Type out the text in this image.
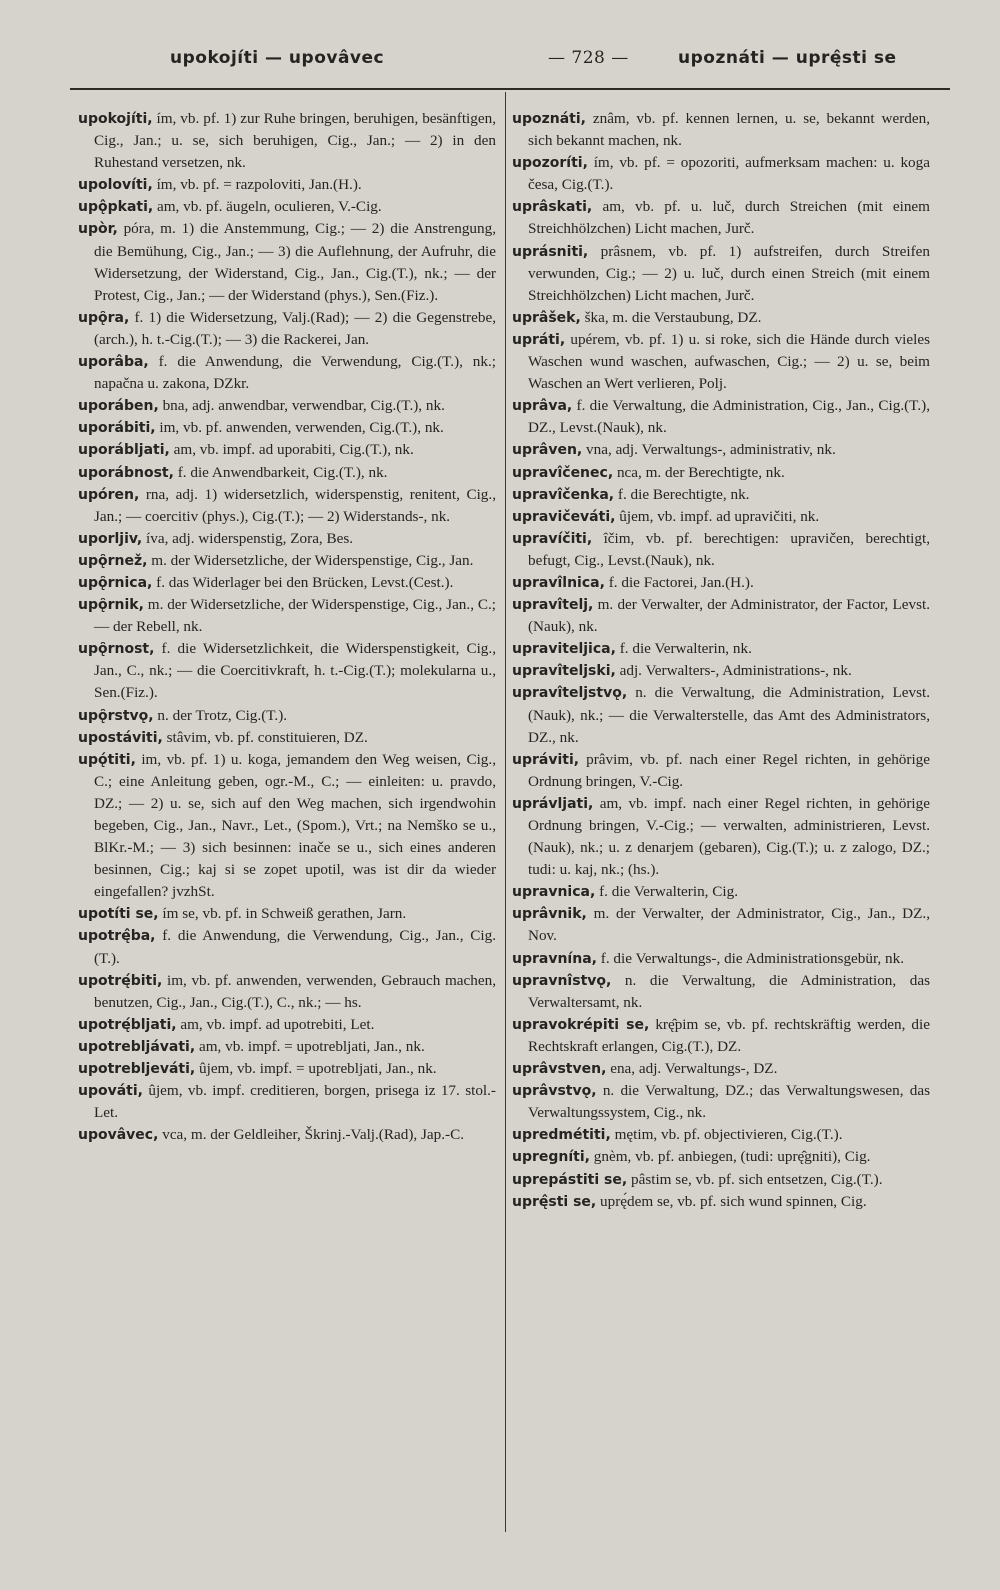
upokojíti — upovâvec	— 728 —	upoznáti — uprę̂sti se

upokojíti, ím, vb. pf. 1) zur Ruhe bringen, beruhigen, besänftigen, Cig., Jan.; u. se, sich beruhigen, Cig., Jan.; — 2) in den Ruhestand versetzen, nk.

upolovíti, ím, vb. pf. = razpoloviti, Jan.(H.).

upǫ̂pkati, am, vb. pf. äugeln, oculieren, V.-Cig.

upòr, póra, m. 1) die Anstemmung, Cig.; — 2) die Anstrengung, die Bemühung, Cig., Jan.; — 3) die Auflehnung, der Aufruhr, die Widersetzung, der Widerstand, Cig., Jan., Cig.(T.), nk.; — der Protest, Cig., Jan.; — der Widerstand (phys.), Sen.(Fiz.).

upǫ̑ra, f. 1) die Widersetzung, Valj.(Rad); — 2) die Gegenstrebe, (arch.), h. t.-Cig.(T.); — 3) die Rackerei, Jan.

uporâba, f. die Anwendung, die Verwendung, Cig.(T.), nk.; napačna u. zakona, DZkr.

uporáben, bna, adj. anwendbar, verwendbar, Cig.(T.), nk.

uporábiti, im, vb. pf. anwenden, verwenden, Cig.(T.), nk.

uporábljati, am, vb. impf. ad uporabiti, Cig.(T.), nk.

uporábnost, f. die Anwendbarkeit, Cig.(T.), nk.

upóren, rna, adj. 1) widersetzlich, widerspenstig, renitent, Cig., Jan.; — coercitiv (phys.), Cig.(T.); — 2) Widerstands-, nk.

uporljiv, íva, adj. widerspenstig, Zora, Bes.

upǫ̑rnež, m. der Widersetzliche, der Widerspenstige, Cig., Jan.

upǫ̑rnica, f. das Widerlager bei den Brücken, Levst.(Cest.).

upǫ̑rnik, m. der Widersetzliche, der Widerspenstige, Cig., Jan., C.; — der Rebell, nk.

upǫ̑rnost, f. die Widersetzlichkeit, die Widerspenstigkeit, Cig., Jan., C., nk.; — die Coercitivkraft, h. t.-Cig.(T.); molekularna u., Sen.(Fiz.).

upǫ̑rstvǫ, n. der Trotz, Cig.(T.).

upostáviti, stâvim, vb. pf. constituieren, DZ.

upǫ́titi, im, vb. pf. 1) u. koga, jemandem den Weg weisen, Cig., C.; eine Anleitung geben, ogr.-M., C.; — einleiten: u. pravdo, DZ.; — 2) u. se, sich auf den Weg machen, sich irgendwohin begeben, Cig., Jan., Navr., Let., (Spom.), Vrt.; na Nemško se u., BlKr.-M.; — 3) sich besinnen: inače se u., sich eines anderen besinnen, Cig.; kaj si se zopet upotil, was ist dir da wieder eingefallen? jvzhSt.

upotíti se, ím se, vb. pf. in Schweiß gerathen, Jarn.

upotrę̂ba, f. die Anwendung, die Verwendung, Cig., Jan., Cig.(T.).

upotrę́biti, im, vb. pf. anwenden, verwenden, Gebrauch machen, benutzen, Cig., Jan., Cig.(T.), C., nk.; — hs.

upotrę́bljati, am, vb. impf. ad upotrebiti, Let.

upotrebljávati, am, vb. impf. = upotrebljati, Jan., nk.

upotrebljeváti, ûjem, vb. impf. = upotrebljati, Jan., nk.

upováti, ûjem, vb. impf. creditieren, borgen, prisega iz 17. stol.-Let.

upovâvec, vca, m. der Geldleiher, Škrinj.-Valj.(Rad), Jap.-C.

upoznáti, znâm, vb. pf. kennen lernen, u. se, bekannt werden, sich bekannt machen, nk.

upozoríti, ím, vb. pf. = opozoriti, aufmerksam machen: u. koga česa, Cig.(T.).

uprâskati, am, vb. pf. u. luč, durch Streichen (mit einem Streichhölzchen) Licht machen, Jurč.

uprásniti, prâsnem, vb. pf. 1) aufstreifen, durch Streifen verwunden, Cig.; — 2) u. luč, durch einen Streich (mit einem Streichhölzchen) Licht machen, Jurč.

uprâšek, ška, m. die Verstaubung, DZ.

upráti, upérem, vb. pf. 1) u. si roke, sich die Hände durch vieles Waschen wund waschen, aufwaschen, Cig.; — 2) u. se, beim Waschen an Wert verlieren, Polj.

uprâva, f. die Verwaltung, die Administration, Cig., Jan., Cig.(T.), DZ., Levst.(Nauk), nk.

uprâven, vna, adj. Verwaltungs-, administrativ, nk.

upravîčenec, nca, m. der Berechtigte, nk.

upravîčenka, f. die Berechtigte, nk.

upravičeváti, ûjem, vb. impf. ad upravičiti, nk.

upravíčiti, îčim, vb. pf. berechtigen: upravičen, berechtigt, befugt, Cig., Levst.(Nauk), nk.

upravîlnica, f. die Factorei, Jan.(H.).

upravîtelj, m. der Verwalter, der Administrator, der Factor, Levst.(Nauk), nk.

upraviteljica, f. die Verwalterin, nk.

upravîteljski, adj. Verwalters-, Administrations-, nk.

upravîteljstvǫ, n. die Verwaltung, die Administration, Levst.(Nauk), nk.; — die Verwalterstelle, das Amt des Administrators, DZ., nk.

upráviti, prâvim, vb. pf. nach einer Regel richten, in gehörige Ordnung bringen, V.-Cig.

uprávljati, am, vb. impf. nach einer Regel richten, in gehörige Ordnung bringen, V.-Cig.; — verwalten, administrieren, Levst.(Nauk), nk.; u. z denarjem (gebaren), Cig.(T.); u. z zalogo, DZ.; tudi: u. kaj, nk.; (hs.).

upravnica, f. die Verwalterin, Cig.

uprâvnik, m. der Verwalter, der Administrator, Cig., Jan., DZ., Nov.

upravnína, f. die Verwaltungs-, die Administrationsgebür, nk.

upravnîstvǫ, n. die Verwaltung, die Administration, das Verwaltersamt, nk.

upravokrépiti se, krę̂pim se, vb. pf. rechtskräftig werden, die Rechtskraft erlangen, Cig.(T.), DZ.

uprâvstven, ena, adj. Verwaltungs-, DZ.

uprâvstvǫ, n. die Verwaltung, DZ.; das Verwaltungswesen, das Verwaltungssystem, Cig., nk.

upredmétiti, mętim, vb. pf. objectivieren, Cig.(T.).

upregníti, gnèm, vb. pf. anbiegen, (tudi: uprę̂gniti), Cig.

uprepástiti se, pâstim se, vb. pf. sich entsetzen, Cig.(T.).

uprę̂sti se, uprę́dem se, vb. pf. sich wund spinnen, Cig.
